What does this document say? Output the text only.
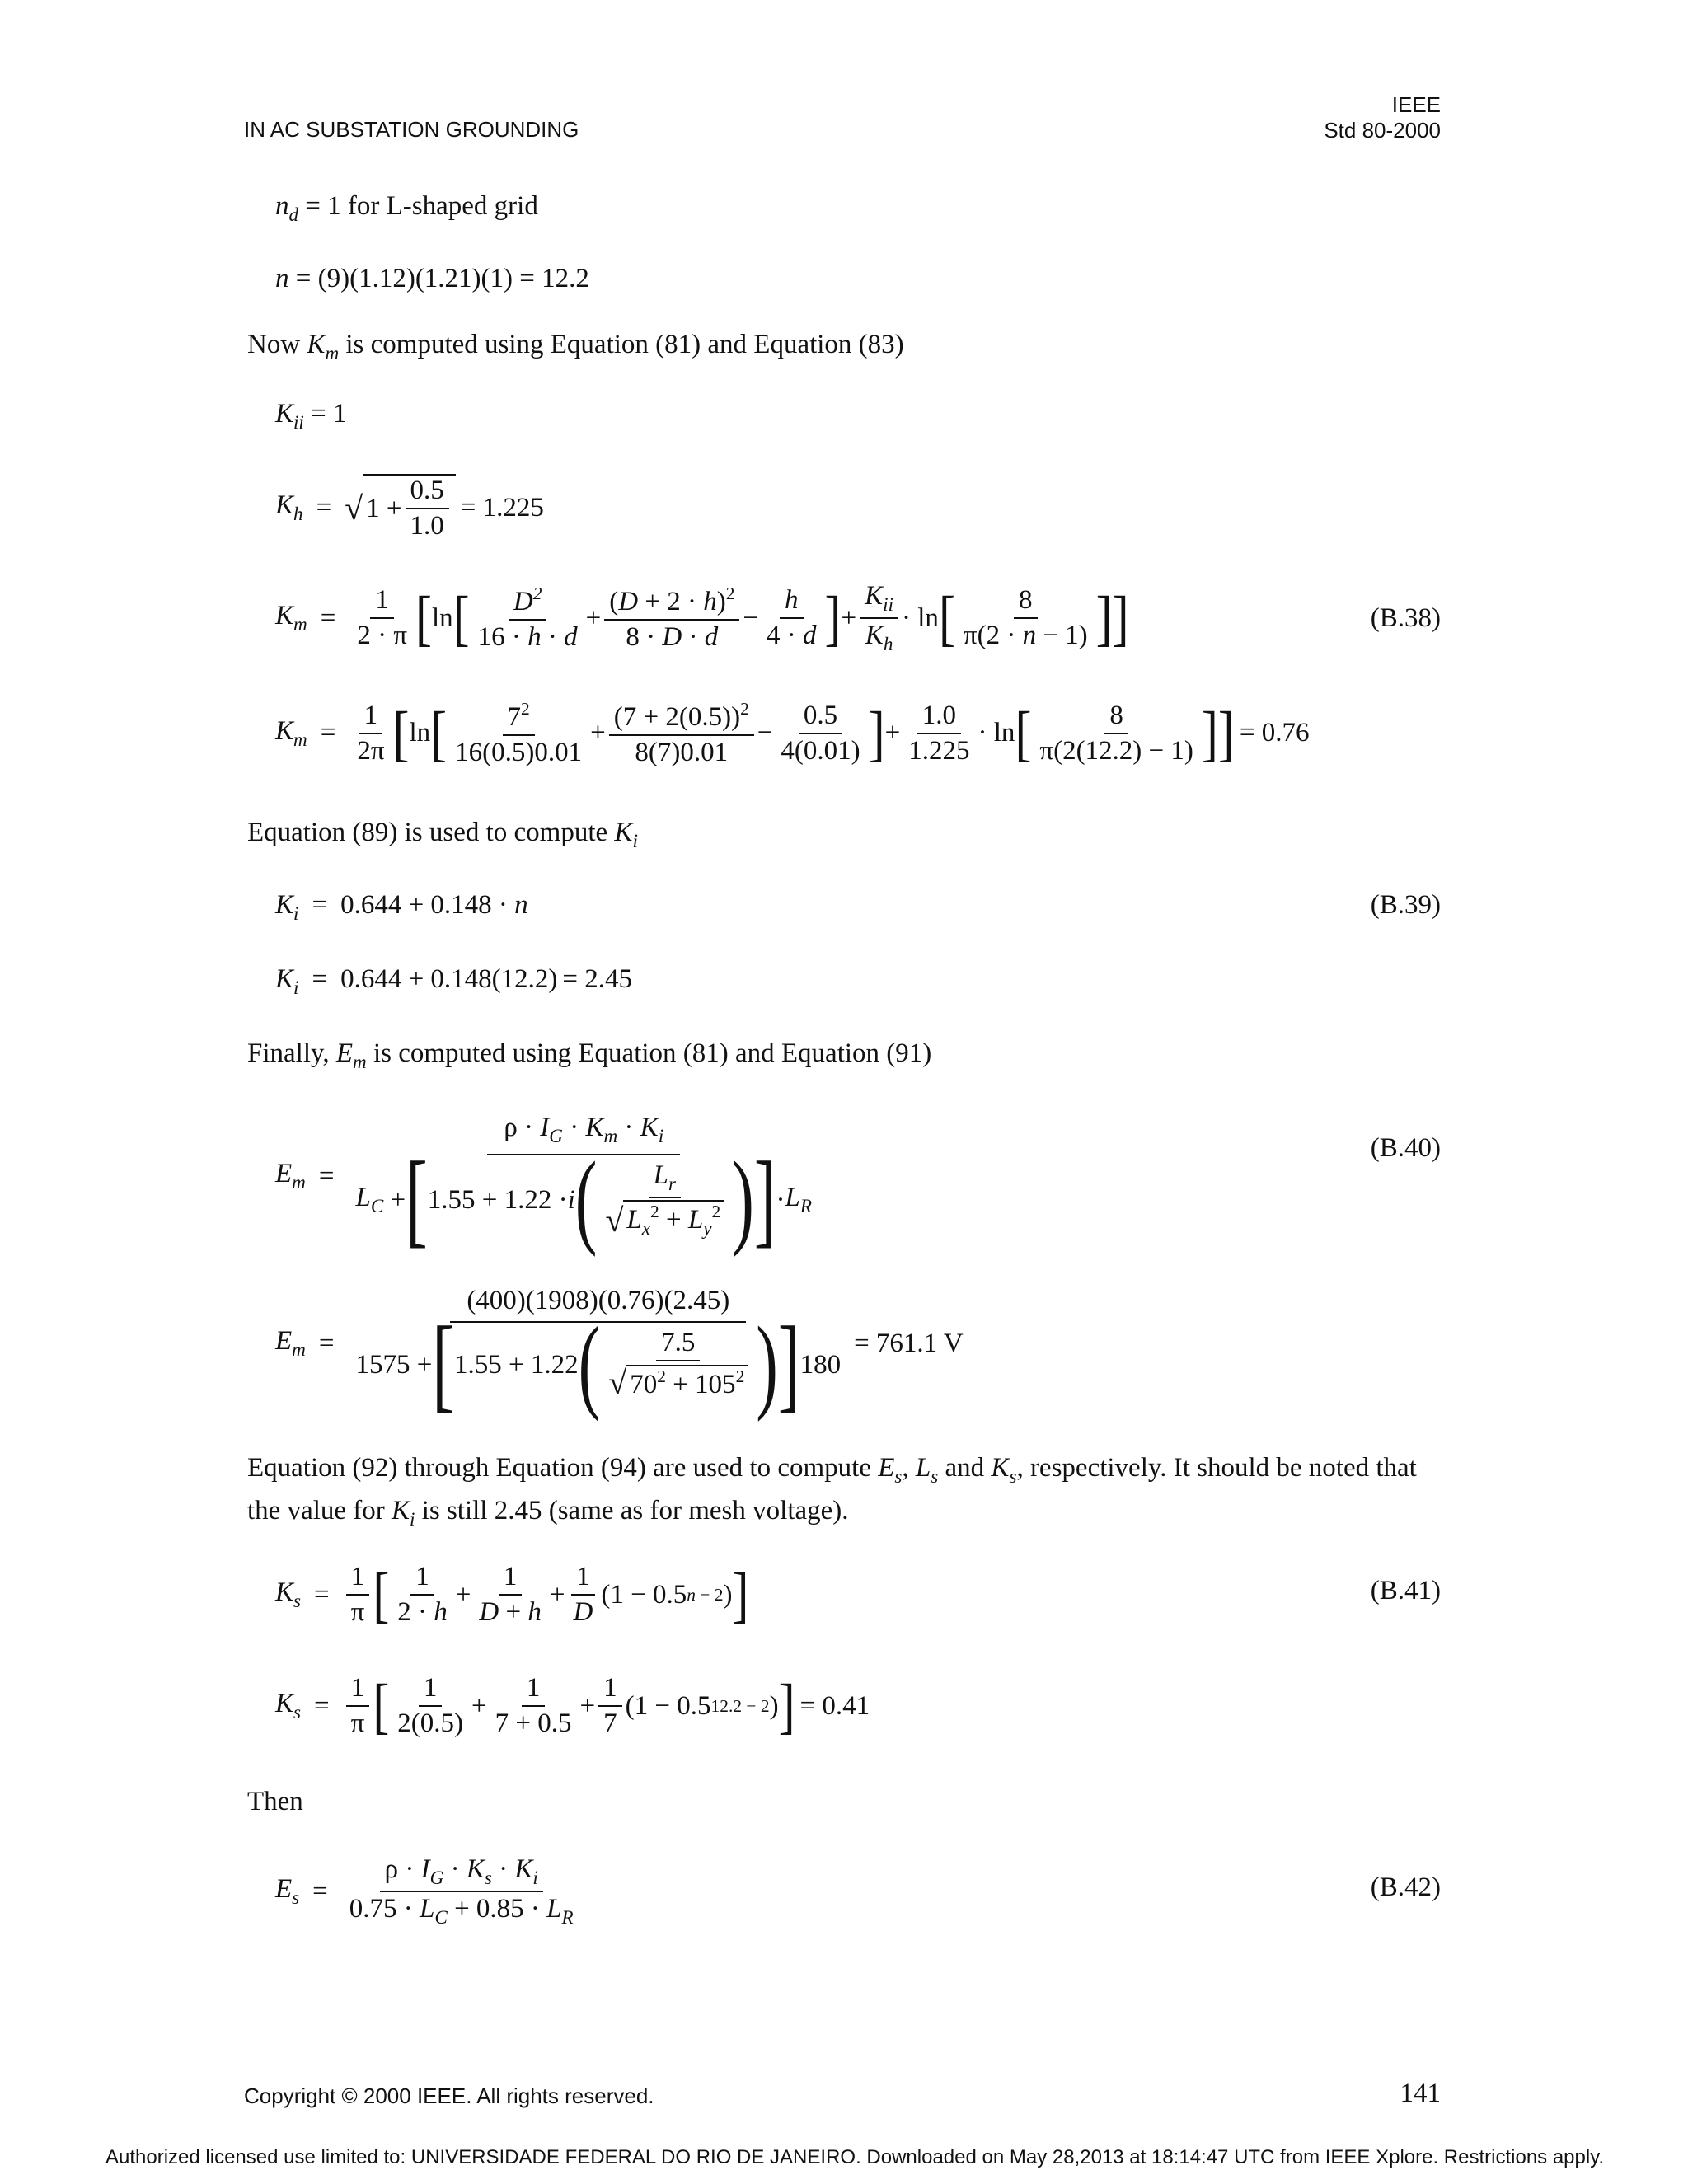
IN AC SUBSTATION GROUNDING
IEEE
Std 80-2000
$n_d = 1$ for L-shaped grid
n = (9)(1.12)(1.21)(1) = 12.2
Now $K_m$ is computed using Equation (81) and Equation (83)
$K_{ii} = 1$
$K_h$ = √ $1 + \frac{0.5}{1.0} = 1.225$
$K_m = \frac{1}{2 \cdot \pi}$ [ ln [ $\frac{D^2}{16 \cdot h \cdot d} + \frac{(D + 2 \cdot h)^2}{8 \cdot D \cdot d} - \frac{h}{4 \cdot d}$ ] + $\frac{K_{ii}}{K_h} \cdot \ln$ [ $\frac{8}{\pi(2 \cdot n - 1)}$ ]]	(B.38)
$K_m = \frac{1}{2\pi}$ [ ln [ $\frac{7^2}{16(0.5)0.01} + \frac{(7 + 2(0.5))^2}{8(7)0.01} - \frac{0.5}{4(0.01)}$ ] + $\frac{1.0}{1.225} \cdot \ln$ [ $\frac{8}{\pi(2(12.2) - 1)}$ ]] = 0.76
Equation (89) is used to compute $K_i$
$K_i = 0.644 + 0.148 \cdot n$	(B.39)
$K_i = 0.644 + 0.148(12.2) = 2.45$
Finally, $E_m$ is computed using Equation (81) and Equation (91)
$E_m = \frac{\rho \cdot I_G \cdot K_m \cdot K_i}{L_C + [ 1.55 + 1.22 \cdot i ( \frac{L_r}{√ L_x^2 + L_y^2} ) ] \cdot L_R}$	(B.40)
$E_m = \frac{(400)(1908)(0.76)(2.45)}{1575 + [ 1.55 + 1.22 ( \frac{7.5}{√ 70^2 + 105^2} ) ] 180} = 761.1$ V
Equation (92) through Equation (94) are used to compute $E_s$, $L_s$ and $K_s$, respectively. It should be noted that
the value for $K_i$ is still 2.45 (same as for mesh voltage).
$K_s = \frac{1}{\pi}$ [ $\frac{1}{2 \cdot h} + \frac{1}{D + h} + \frac{1}{D} (1 - 0.5$ n − 2 ) ]	(B.41)
$K_s = \frac{1}{\pi}$ [ $\frac{1}{2(0.5)} + \frac{1}{7 + 0.5} + \frac{1}{7} (1 - 0.5$ 12.2 − 2 ) ] = 0.41
Then
$E_s = \frac{\rho \cdot I_G \cdot K_s \cdot K_i}{0.75 \cdot L_C + 0.85 \cdot L_R}$	(B.42)
Copyright © 2000 IEEE. All rights reserved.	141
Authorized licensed use limited to: UNIVERSIDADE FEDERAL DO RIO DE JANEIRO. Downloaded on May 28,2013 at 18:14:47 UTC from IEEE Xplore. Restrictions apply.
